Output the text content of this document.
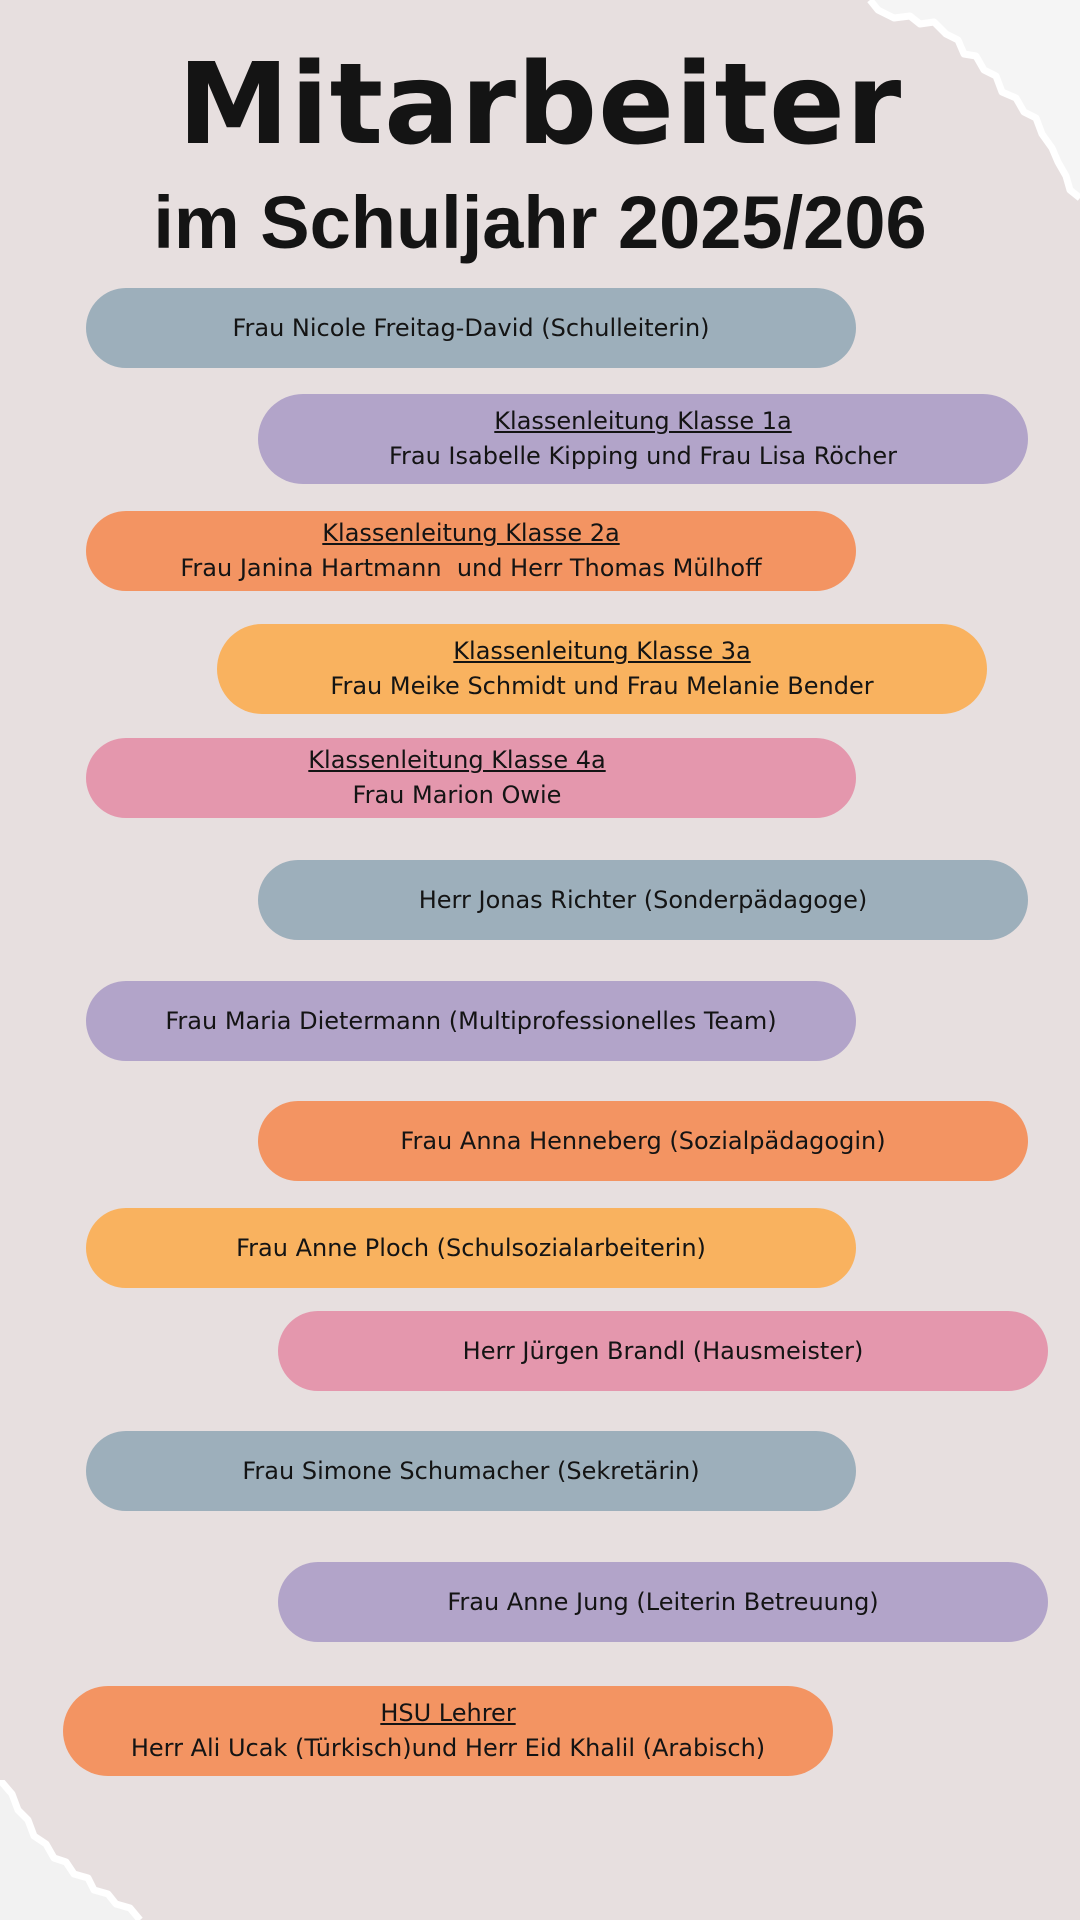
Mitarbeiter
im Schuljahr 2025/206
Frau Nicole Freitag-David (Schulleiterin)
Klassenleitung Klasse 1a
Frau Isabelle Kipping und Frau Lisa Röcher
Klassenleitung Klasse 2a
Frau Janina Hartmann  und Herr Thomas Mülhoff
Klassenleitung Klasse 3a
Frau Meike Schmidt und Frau Melanie Bender
Klassenleitung Klasse 4a
Frau Marion Owie
Herr Jonas Richter (Sonderpädagoge)
Frau Maria Dietermann (Multiprofessionelles Team)
Frau Anna Henneberg (Sozialpädagogin)
Frau Anne Ploch (Schulsozialarbeiterin)
Herr Jürgen Brandl (Hausmeister)
Frau Simone Schumacher (Sekretärin)
Frau Anne Jung (Leiterin Betreuung)
HSU Lehrer
Herr Ali Ucak (Türkisch)und Herr Eid Khalil (Arabisch)
